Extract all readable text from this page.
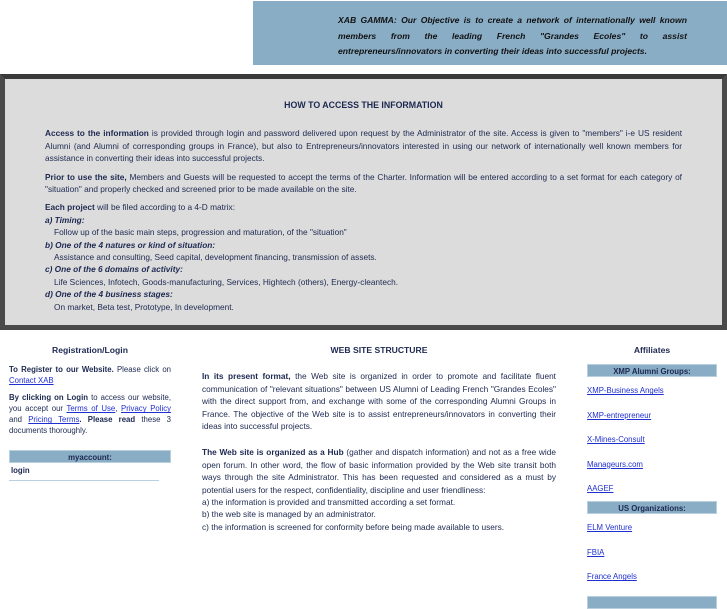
XAB GAMMA: Our Objective is to create a network of internationally well known members from the leading French "Grandes Ecoles" to assist entrepreneurs/innovators in converting their ideas into successful projects.
HOW TO ACCESS THE INFORMATION

Access to the information is provided through login and password delivered upon request by the Administrator of the site. Access is given to "members" i-e US resident Alumni (and Alumni of corresponding groups in France), but also to Entrepreneurs/innovators interested in using our network of internationally well known members for assistance in converting their ideas into successful projects.

Prior to use the site, Members and Guests will be requested to accept the terms of the Charter. Information will be entered according to a set format for each category of "situation" and properly checked and screened prior to be made available on the site.

Each project will be filed according to a 4-D matrix:
a) Timing:
Follow up of the basic main steps, progression and maturation, of the "situation"
b) One of the 4 natures or kind of situation:
Assistance and consulting, Seed capital, development financing, transmission of assets.
c) One of the 6 domains of activity:
Life Sciences, Infotech, Goods-manufacturing, Services, Hightech (others), Energy-cleantech.
d) One of the 4 business stages:
On market, Beta test, Prototype, In development.
Registration/Login

To Register to our Website. Please click on Contact XAB

By clicking on Login to access our website, you accept our Terms of Use, Privacy Policy and Pricing Terms. Please read these 3 documents thoroughly.

myaccount:
login
WEB SITE STRUCTURE

In its present format, the Web site is organized in order to promote and facilitate fluent communication of "relevant situations" between US Alumni of Leading French "Grandes Ecoles" with the direct support from, and exchange with some of the corresponding Alumni Groups in France. The objective of the Web site is to assist entrepreneurs/innovators in converting their ideas into successful projects.

The Web site is organized as a Hub (gather and dispatch information) and not as a free wide open forum. In other word, the flow of basic information provided by the Web site transit both ways through the site Administrator. This has been requested and considered as a must by potential users for the respect, confidentiality, discipline and user friendliness:

a) the information is provided and transmitted according a set format.
b) the web site is managed by an administrator.
c) the information is screened for conformity before being made available to users.
Affiliates
XMP Alumni Groups:
XMP-Business Angels
XMP-entrepreneur
X-Mines-Consult
Manageurs.com
AAGEF
US Organizations:
ELM Venture
FBIA
France Angels
